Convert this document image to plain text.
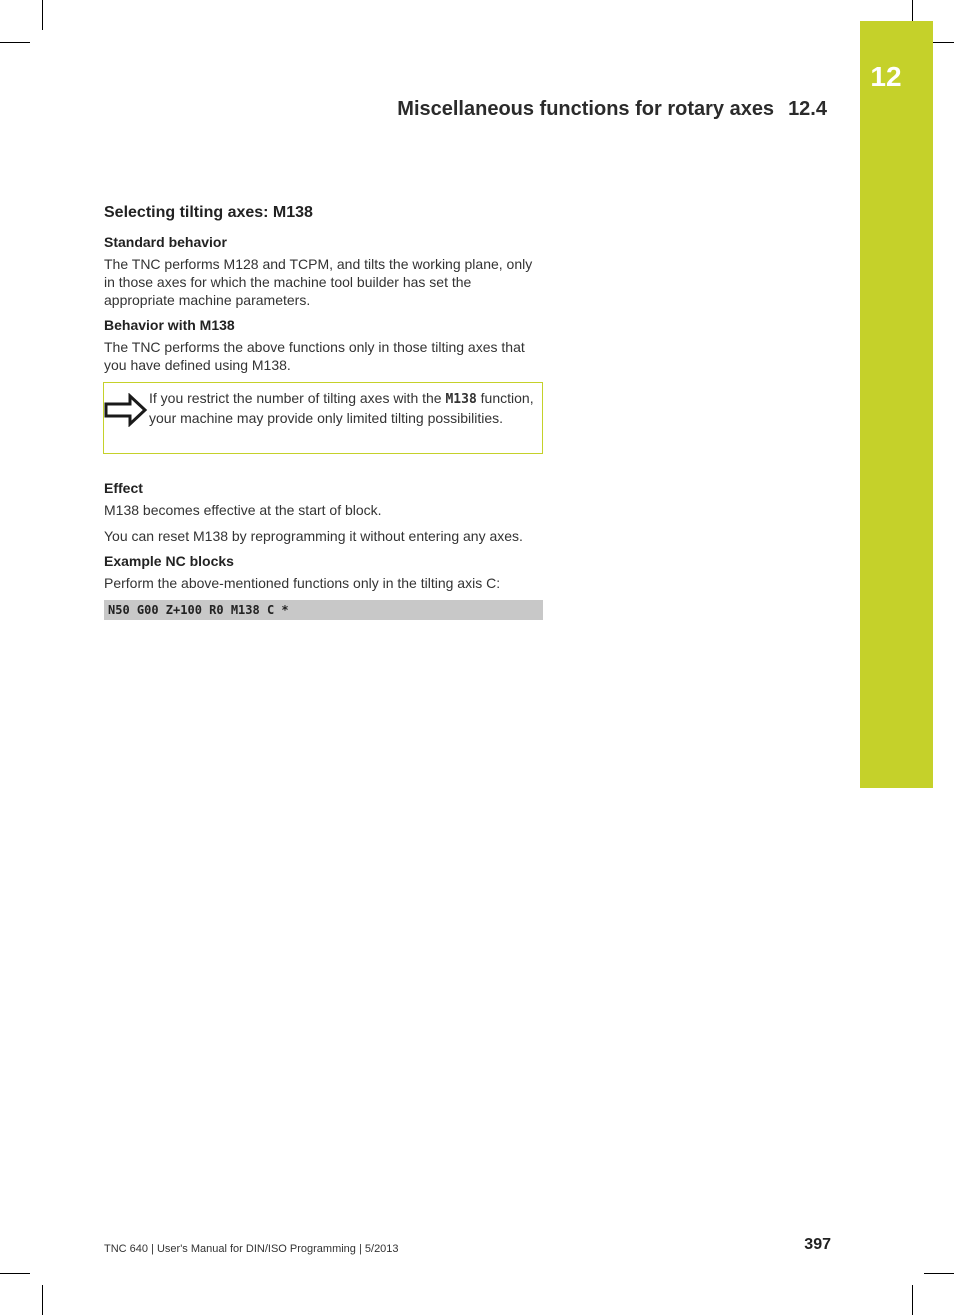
12
Miscellaneous functions for rotary axes 12.4
Selecting tilting axes: M138
Standard behavior

The TNC performs M128 and TCPM, and tilts the working plane, only in those axes for which the machine tool builder has set the appropriate machine parameters.

Behavior with M138

The TNC performs the above functions only in those tilting axes that you have defined using M138.

If you restrict the number of tilting axes with the M138 function, your machine may provide only limited tilting possibilities.
Effect

M138 becomes effective at the start of block.

You can reset M138 by reprogramming it without entering any axes.

Example NC blocks

Perform the above-mentioned functions only in the tilting axis C:

N50 G00 Z+100 R0 M138 C *
TNC 640 | User's Manual for DIN/ISO Programming | 5/2013	397
